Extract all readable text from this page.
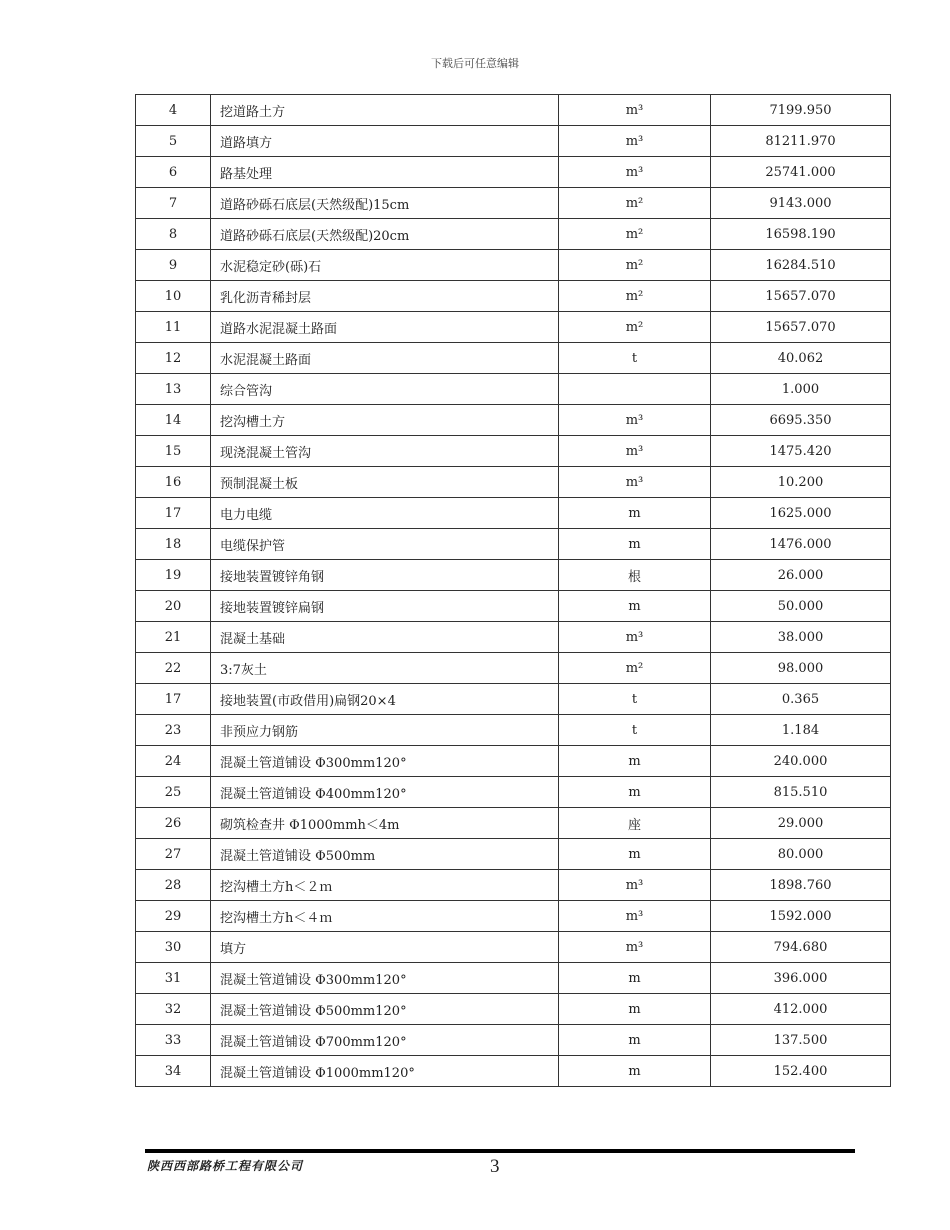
下载后可任意编辑
4	挖道路土方	m³	7199.950
5	道路填方	m³	81211.970
6	路基处理	m³	25741.000
7	道路砂砾石底层(天然级配)15cm	m²	9143.000
8	道路砂砾石底层(天然级配)20cm	m²	16598.190
9	水泥稳定砂(砾)石	m²	16284.510
10	乳化沥青稀封层	m²	15657.070
11	道路水泥混凝土路面	m²	15657.070
12	水泥混凝土路面	t	40.062
13	综合管沟		1.000
14	挖沟槽土方	m³	6695.350
15	现浇混凝土管沟	m³	1475.420
16	预制混凝土板	m³	10.200
17	电力电缆	m	1625.000
18	电缆保护管	m	1476.000
19	接地装置镀锌角钢	根	26.000
20	接地装置镀锌扁钢	m	50.000
21	混凝土基础	m³	38.000
22	3:7灰土	m²	98.000
17	接地装置(市政借用)扁钢20×4	t	0.365
23	非预应力钢筋	t	1.184
24	混凝土管道铺设 Φ300mm120°	m	240.000
25	混凝土管道铺设 Φ400mm120°	m	815.510
26	砌筑检查井 Φ1000mmh＜4m	座	29.000
27	混凝土管道铺设 Φ500mm	m	80.000
28	挖沟槽土方h＜２ｍ	m³	1898.760
29	挖沟槽土方h＜４ｍ	m³	1592.000
30	填方	m³	794.680
31	混凝土管道铺设 Φ300mm120°	m	396.000
32	混凝土管道铺设 Φ500mm120°	m	412.000
33	混凝土管道铺设 Φ700mm120°	m	137.500
34	混凝土管道铺设 Φ1000mm120°	m	152.400
陕西西部路桥工程有限公司	3
